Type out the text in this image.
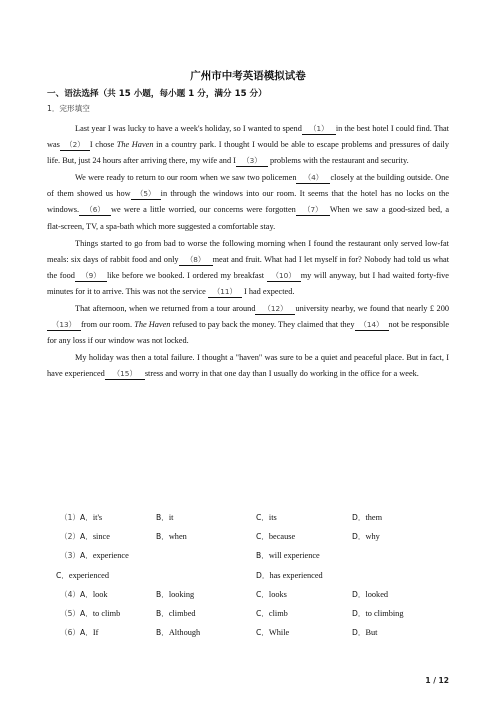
广州市中考英语模拟试卷
一、语法选择（共 15 小题，每小题 1 分，满分 15 分）
1．完形填空

Last year I was lucky to have a week's holiday, so I wanted to spend （1） in the best hotel I could find. That was （2） I chose The Haven in a country park. I thought I would be able to escape problems and pressures of daily life. But, just 24 hours after arriving there, my wife and I （3） problems with the restaurant and security.

We were ready to return to our room when we saw two policemen （4） closely at the building outside. One of them showed us how （5） in through the windows into our room. It seems that the hotel has no locks on the windows. （6） we were a little worried, our concerns were forgotten （7） When we saw a good-sized bed, a flat-screen, TV, a spa-bath which more suggested a comfortable stay.

Things started to go from bad to worse the following morning when I found the restaurant only served low-fat meals: six days of rabbit food and only （8） meat and fruit. What had I let myself in for? Nobody had told us what the food （9） like before we booked. I ordered my breakfast （10） my will anyway, but I had waited forty-five minutes for it to arrive. This was not the service （11） I had expected.

That afternoon, when we returned from a tour around （12） university nearby, we found that nearly £ 200（13） from our room. The Haven refused to pay back the money. They claimed that they （14） not be responsible for any loss if our window was not locked.

My holiday was then a total failure. I thought a "haven" was sure to be a quiet and peaceful place. But in fact, I have experienced （15） stress and worry in that one day than I usually do working in the office for a week.

（1）A．it's	B．it	C．its	D．them
（2）A．since	B．when	C．because	D．why
（3）A．experience	B．will experience
C．experienced	D．has experienced
（4）A．look	B．looking	C．looks	D．looked
（5）A．to climb	B．climbed	C．climb	D．to climbing
（6）A．If	B．Although	C．While	D．But
1 / 12
